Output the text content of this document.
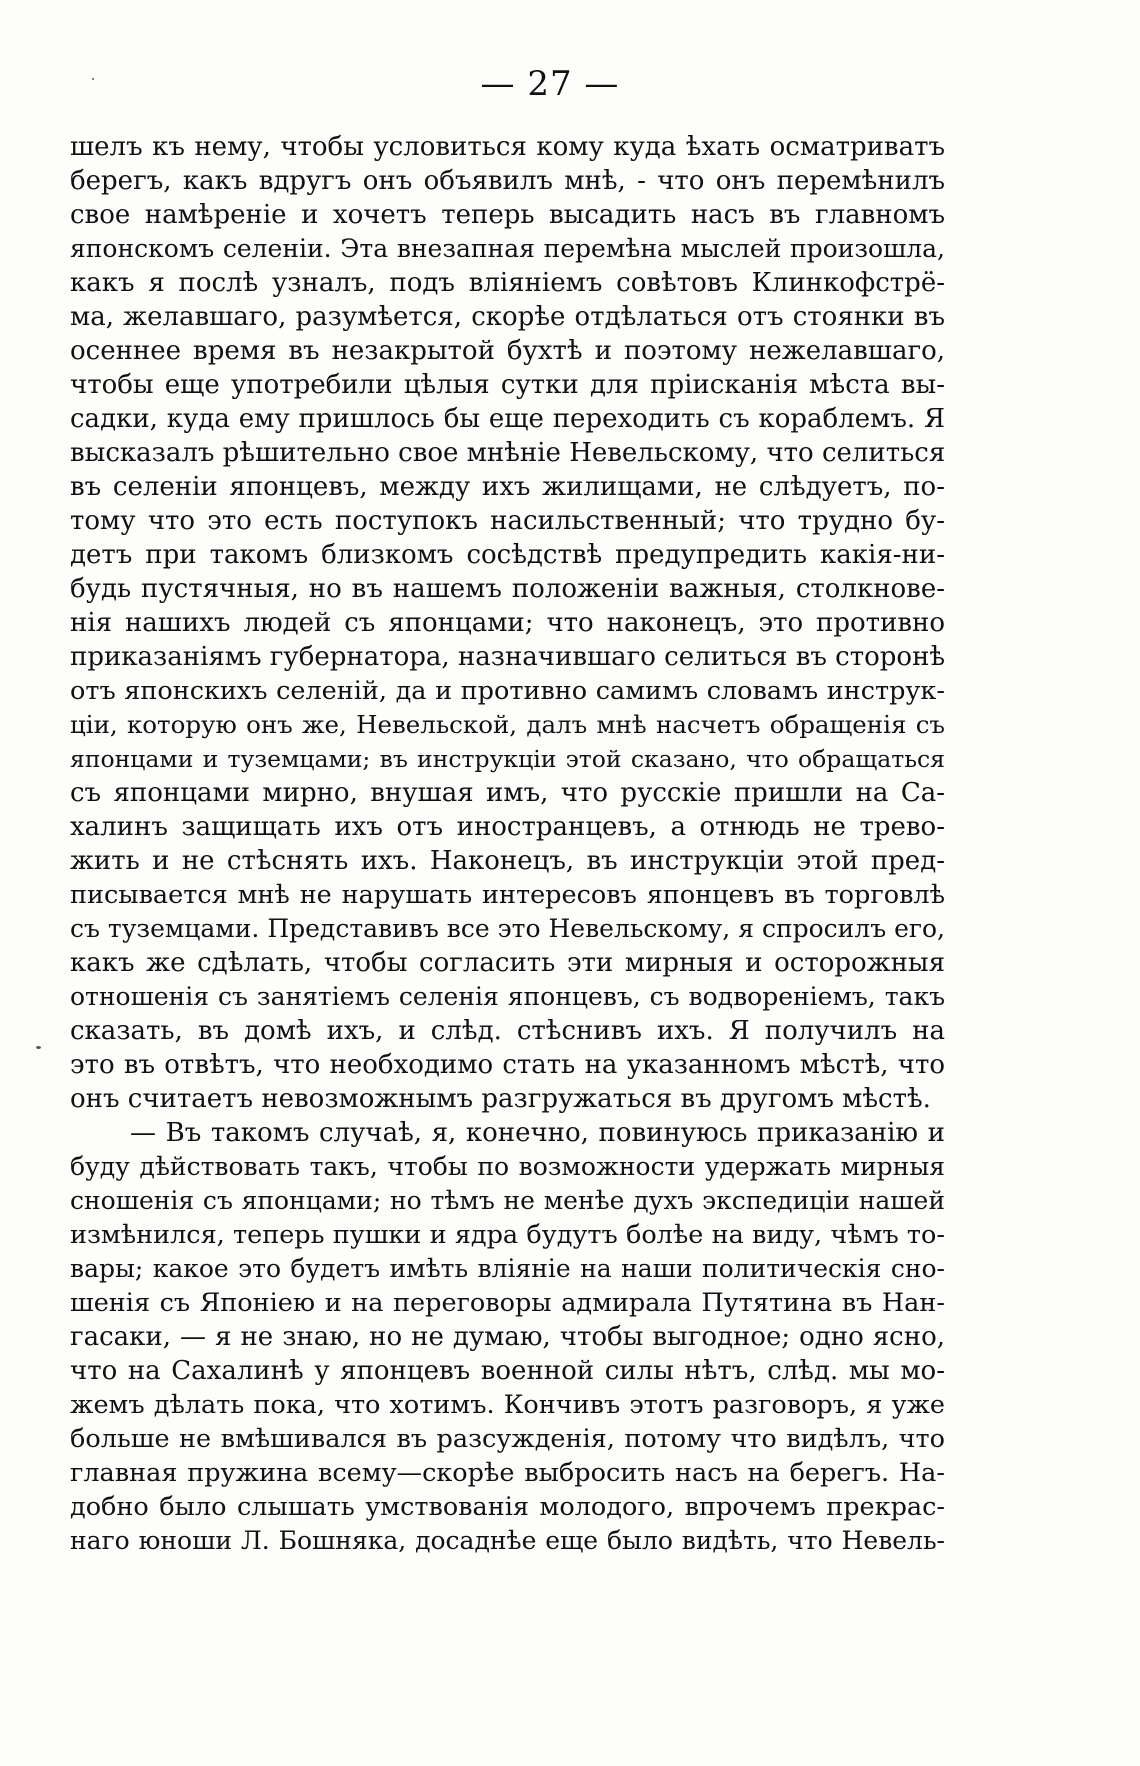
— 27 —
шелъ къ нему, чтобы условиться кому куда ѣхать осматриватъ
берегъ, какъ вдругъ онъ объявилъ мнѣ, - что онъ перемѣнилъ
свое намѣреніе и хочетъ теперь высадить насъ въ главномъ
японскомъ селеніи. Эта внезапная перемѣна мыслей произошла,
какъ я послѣ узналъ, подъ вліяніемъ совѣтовъ Клинкофстрё-
ма, желавшаго, разумѣется, скорѣе отдѣлаться отъ стоянки въ
осеннее время въ незакрытой бухтѣ и поэтому нежелавшаго,
чтобы еще употребили цѣлыя сутки для прiисканія мѣста вы-
садки, куда ему пришлось бы еще переходить съ кораблемъ. Я
высказалъ рѣшительно свое мнѣніе Невельскому, что селиться
въ селеніи японцевъ, между ихъ жилищами, не слѣдуетъ, по-
тому что это есть поступокъ насильственный; что трудно бу-
детъ при такомъ близкомъ сосѣдствѣ предупредить какія-ни-
будь пустячныя, но въ нашемъ положеніи важныя, столкнове-
нія нашихъ людей съ японцами; что наконецъ, это противно
приказаніямъ губернатора, назначившаго селиться въ сторонѣ
отъ японскихъ селеній, да и противно самимъ словамъ инструк-
ціи, которую онъ же, Невельской, далъ мнѣ насчетъ обращенія съ
японцами и туземцами; въ инструкціи этой сказано, что обращаться
съ японцами мирно, внушая имъ, что русскіе пришли на Са-
халинъ защищать ихъ отъ иностранцевъ, а отнюдь не трево-
жить и не стѣснять ихъ. Наконецъ, въ инструкціи этой пред-
писывается мнѣ не нарушать интересовъ японцевъ въ торговлѣ
съ туземцами. Представивъ все это Невельскому, я спросилъ его,
какъ же сдѣлать, чтобы согласить эти мирныя и осторожныя
отношенія съ занятіемъ селенія японцевъ, съ водвореніемъ, такъ
сказать, въ домѣ ихъ, и слѣд. стѣснивъ ихъ. Я получилъ на
это въ отвѣтъ, что необходимо стать на указанномъ мѣстѣ, что
онъ считаетъ невозможнымъ разгружаться въ другомъ мѣстѣ.
— Въ такомъ случаѣ, я, конечно, повинуюсь приказанію и
буду дѣйствовать такъ, чтобы по возможности удержать мирныя
сношенія съ японцами; но тѣмъ не менѣе духъ экспедиціи нашей
измѣнился, теперь пушки и ядра будутъ болѣе на виду, чѣмъ то-
вары; какое это будетъ имѣть вліяніе на наши политическія сно-
шенія съ Японіею и на переговоры адмирала Путятина въ Нан-
гасаки, — я не знаю, но не думаю, чтобы выгодное; одно ясно,
что на Сахалинѣ у японцевъ военной силы нѣтъ, слѣд. мы мо-
жемъ дѣлать пока, что хотимъ. Кончивъ этотъ разговоръ, я уже
больше не вмѣшивался въ разсужденія, потому что видѣлъ, что
главная пружина всему—скорѣе выбросить насъ на берегъ. На-
добно было слышать умствованія молодого, впрочемъ прекрас-
наго юноши Л. Бошняка, досаднѣе еще было видѣть, что Невель-
